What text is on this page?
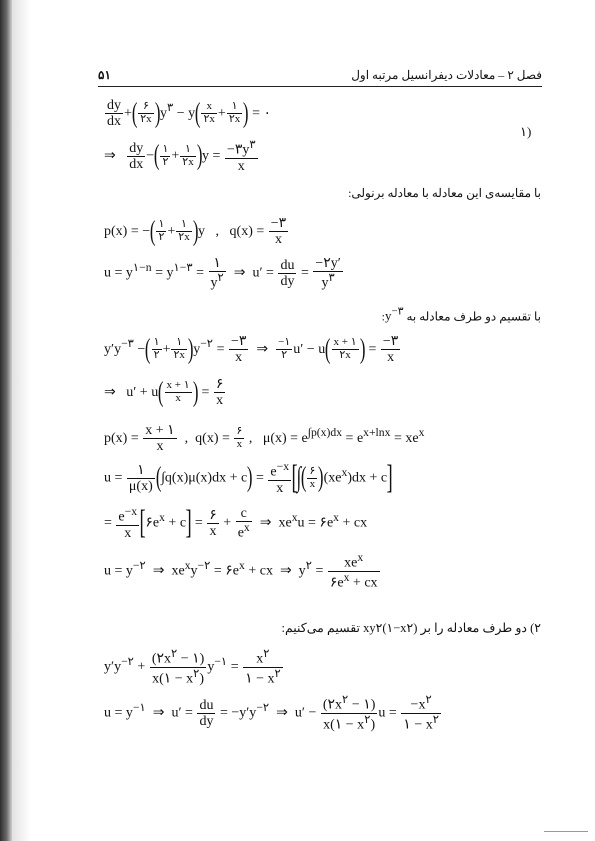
۵۱	فصل ۲ – معادلات دیفرانسیل مرتبه اول
۱)
$\frac{dy}{dx}$ +( $\frac{۶}{۲x} )y^۳ - y( \frac{x}{۲x} + \frac{۱}{۲x}$ ) = ۰
⇒ $\frac{dy}{dx}$ −( $\frac{۱}{۲} + \frac{۱}{۲x} )y = \frac{-۳y^۳}{x}$
با مقایسه‌ی این معادله با معادله برنولی:
p(x) = −( $\frac{۱}{۲} + \frac{۱}{۲x} )y$   ,   $q(x) = \frac{-۳}{x}$
$u = y^{۱-n} = y^{۱-۳} = \frac{۱}{y^۲}$ ⇒  $u' = \frac{du}{dy} = \frac{-۲y'}{y^۳}$
با تقسیم دو طرف معادله به $y^{-۳}$:
$y'y^{-۳}$ −( $\frac{۱}{۲} + \frac{۱}{۲x} )y^{-۲} = \frac{-۳}{x}$ ⇒ $\frac{-۱}{۲} u' - u( \frac{x + ۱}{۲x}$ ) = $\frac{-۳}{x}$
⇒   $u' + u( \frac{x + ۱}{x}$ ) = $\frac{۶}{x}$
$p(x) = \frac{x + ۱}{x}$ ,  $q(x) = \frac{۶}{x}$ ,   $\mu(x) = e^{\int p(x)dx} = e^{x+lnx} = xe^x$
$u = \frac{۱}{\mu(x)} (\int q(x)\mu(x)dx + c) = \frac{e^{-x}}{x}$ [∫( $\frac{۶}{x} )(xe^x)dx + c$]
= $\frac{e^{-x}}{x}$ $[۶e^x + c] = \frac{۶}{x} + \frac{c}{e^x}$ ⇒  $xe^xu$ = $۶e^x$ + cx
$u = y^{-۲}$  ⇒  $xe^xy^{-۲}$ = $۶e^x$ + cx  ⇒  $y^۲ = \frac{xe^x}{۶e^x + cx}$
۲) دو طرف معادله را بر xy۲(۱−x۲) تقسیم می‌کنیم:
$y'y^{-۲} + \frac{(۲x^۲ - ۱)}{x(۱ - x^۲)} y^{-۱} = \frac{x^۲}{۱ - x^۲}$
$u = y^{-۱}$  ⇒  $u' = \frac{du}{dy} = -y'y^{-۲}$  ⇒  $u' - \frac{(۲x^۲ - ۱)}{x(۱ - x^۲)}$ $u = \frac{-x^۲}{۱ - x^۲}$
